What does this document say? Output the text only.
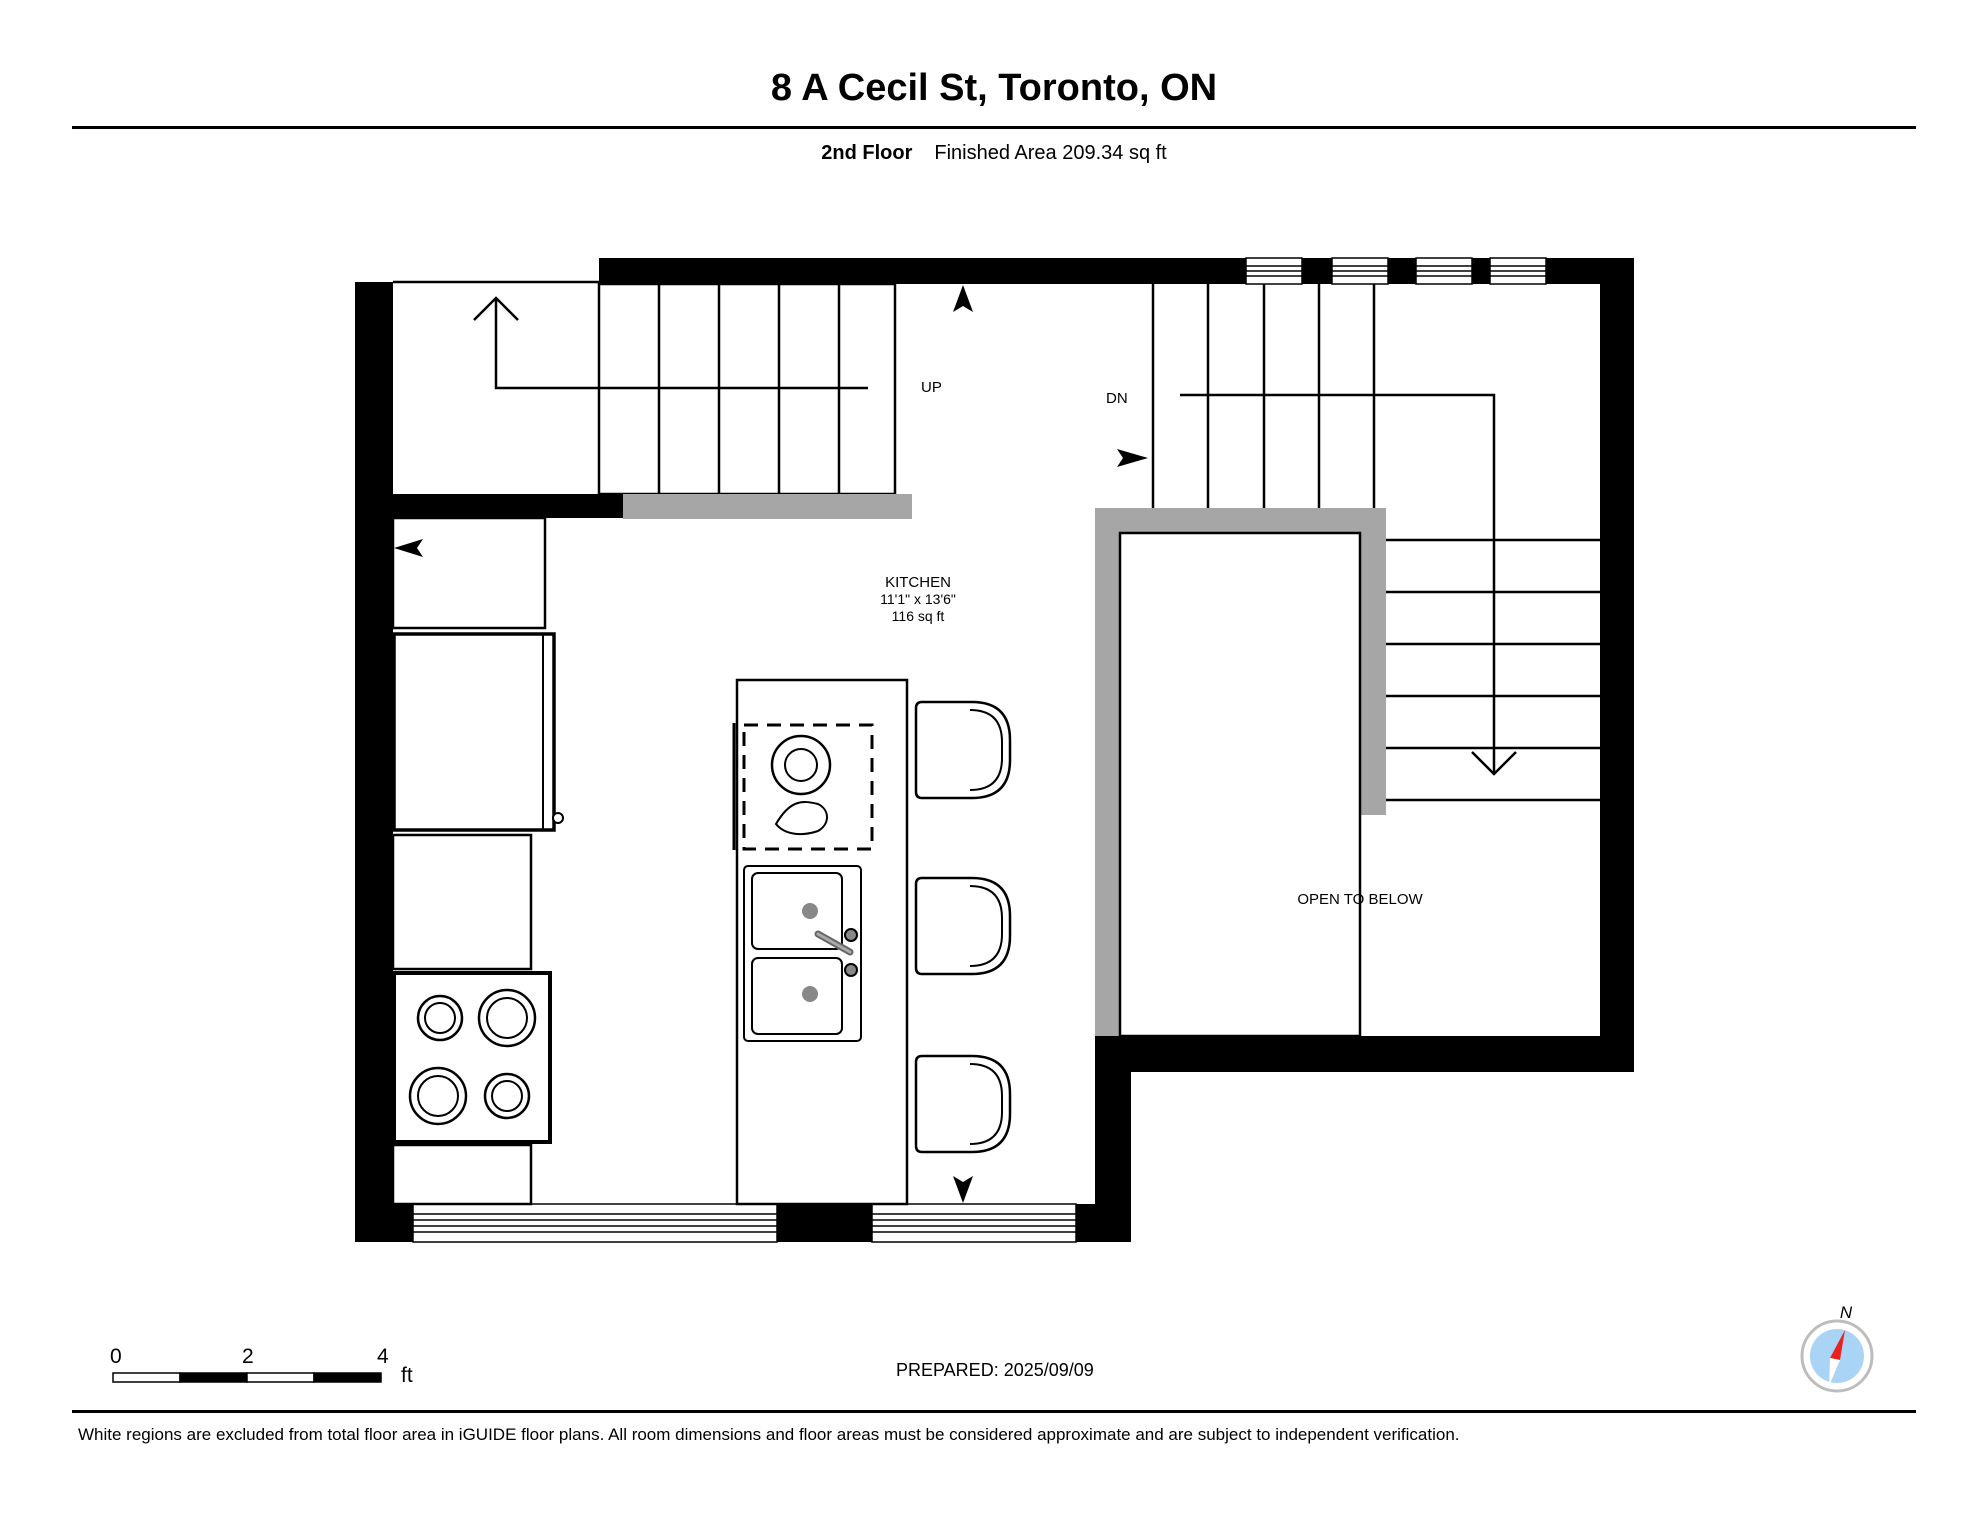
8 A Cecil St, Toronto, ON
2nd Floor Finished Area 209.34 sq ft
UP
DN
KITCHEN
11'1" x 13'6"
116 sq ft
OPEN TO BELOW
N
0	2	4
ft	PREPARED: 2025/09/09
White regions are excluded from total floor area in iGUIDE floor plans. All room dimensions and floor areas must be considered approximate and are subject to independent verification.
